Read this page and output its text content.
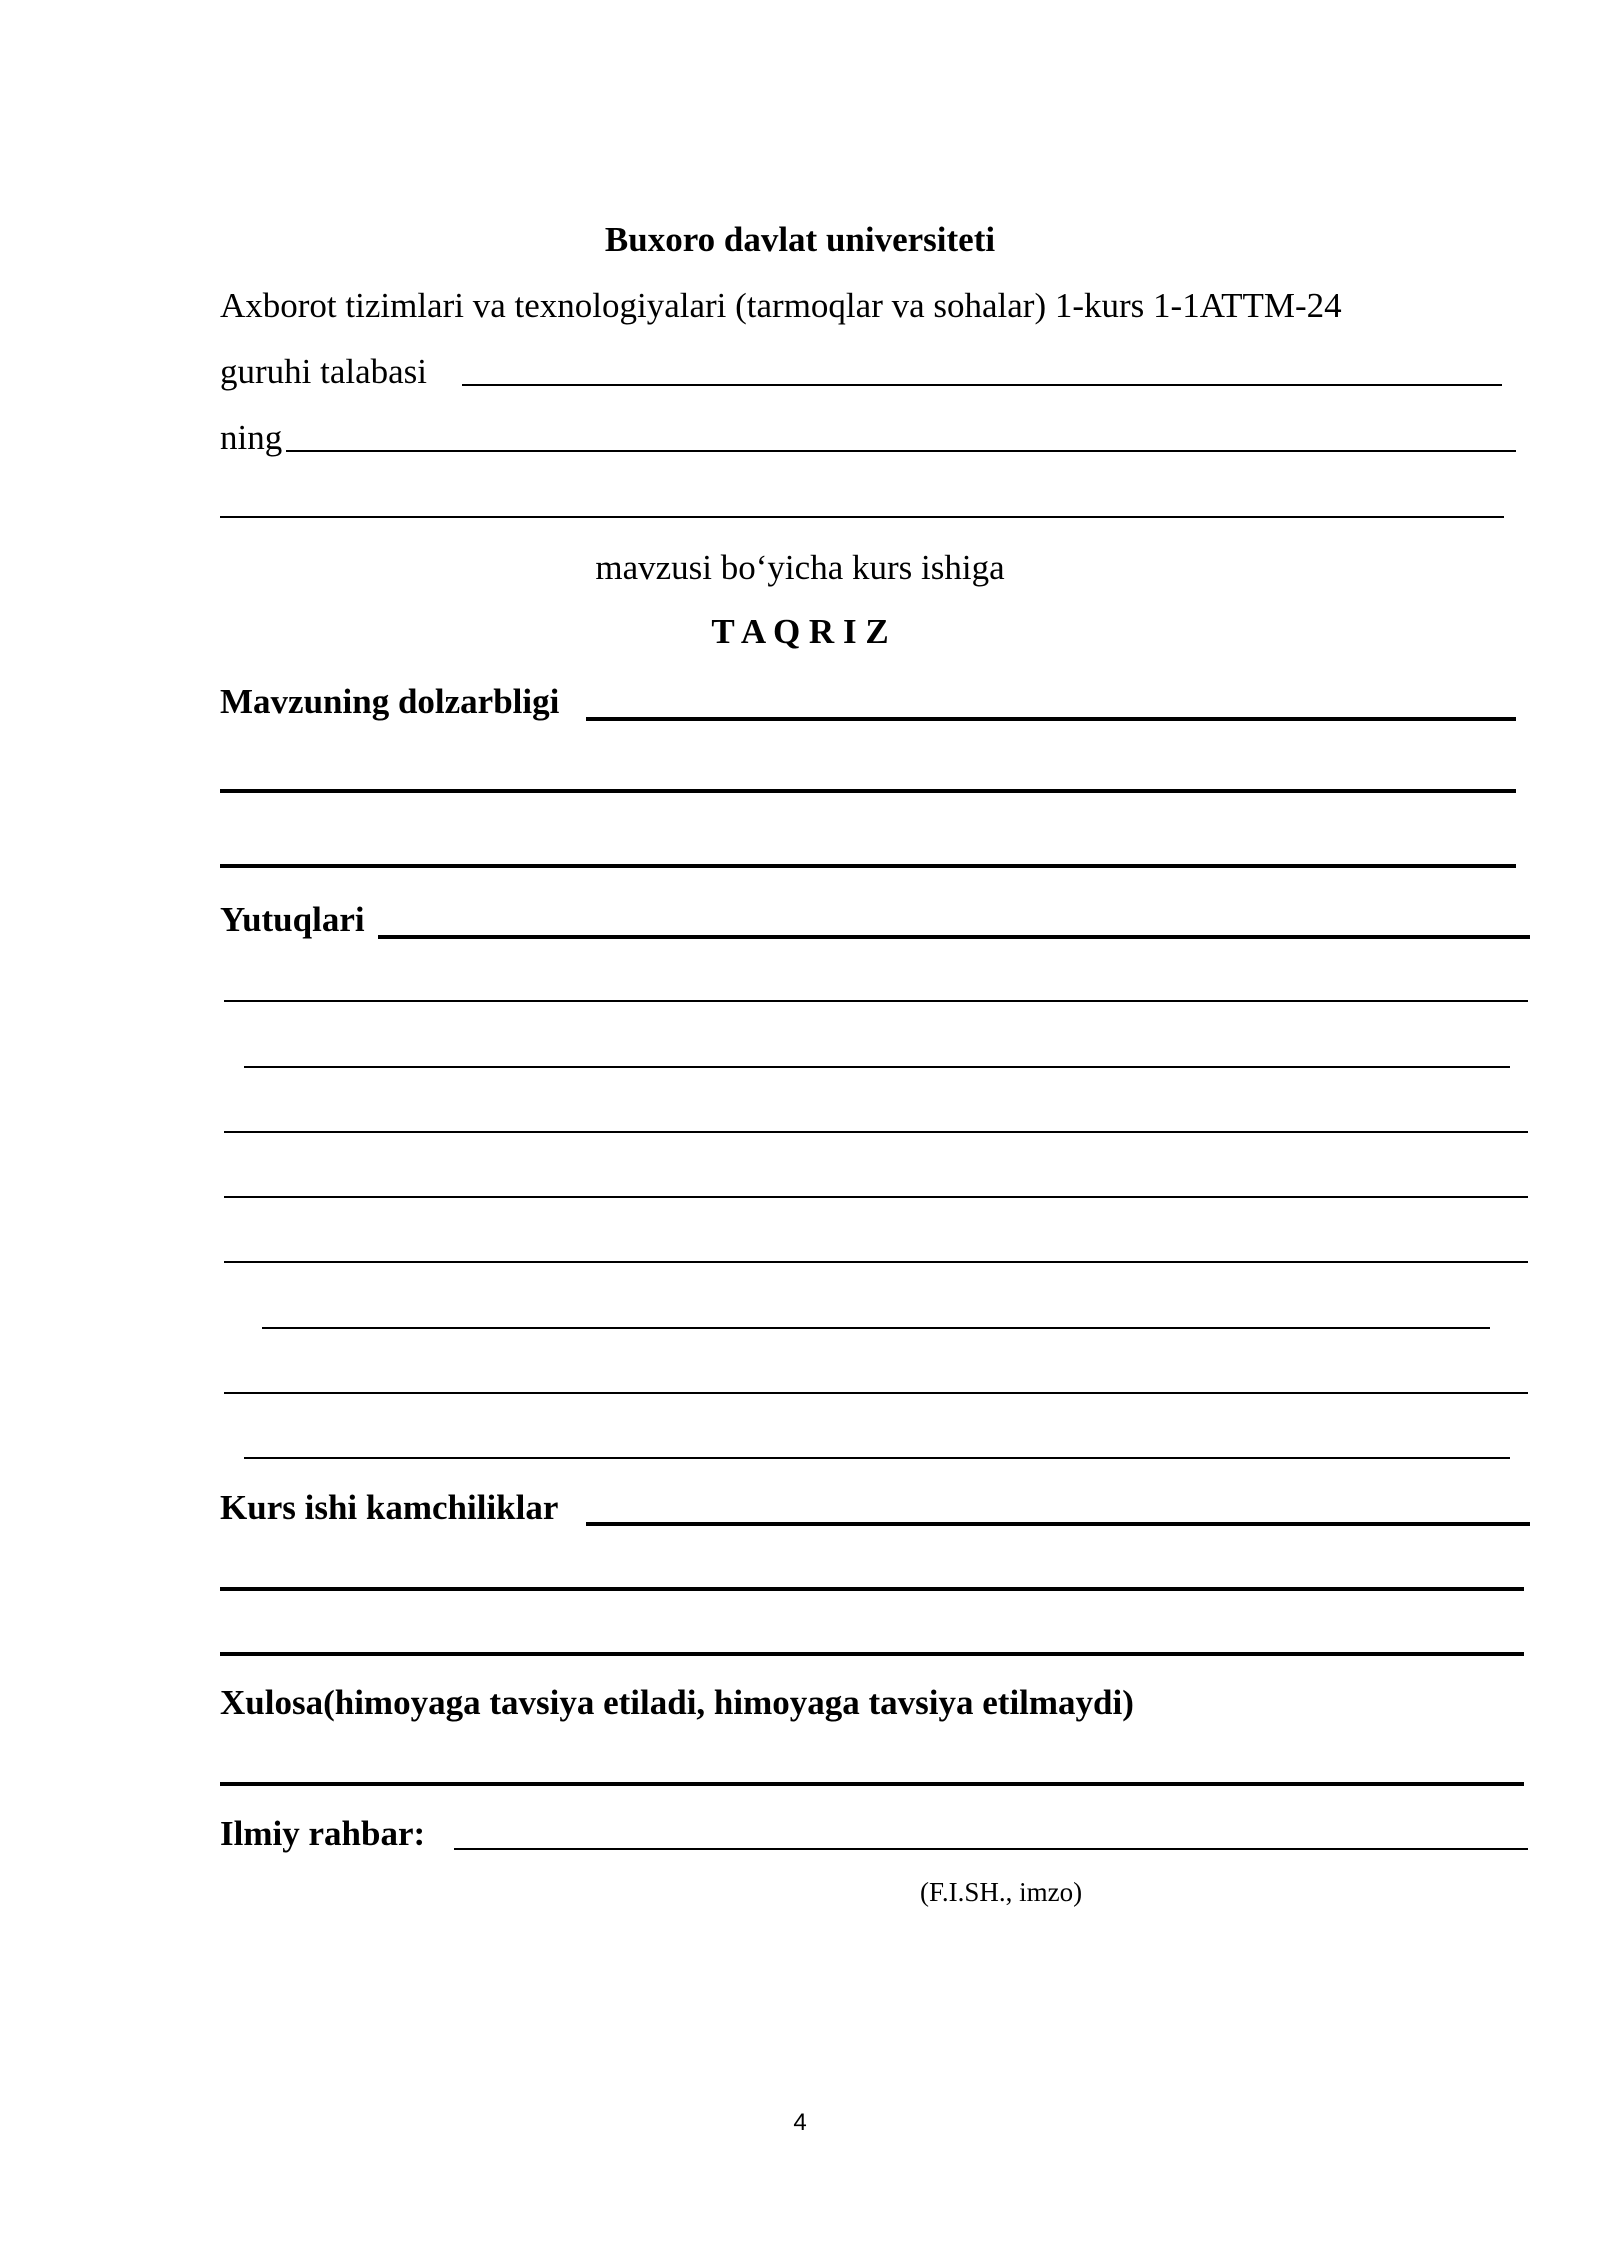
Buxoro davlat universiteti
Axborot tizimlari va texnologiyalari (tarmoqlar va sohalar) 1-kurs 1-1ATTM-24
guruhi talabasi
ning
mavzusi bo‘yicha kurs ishiga
T A Q R I Z
Mavzuning dolzarbligi
Yutuqlari
Kurs ishi kamchiliklar
Xulosa(himoyaga tavsiya etiladi, himoyaga tavsiya etilmaydi)
Ilmiy rahbar:
(F.I.SH., imzo)
4
